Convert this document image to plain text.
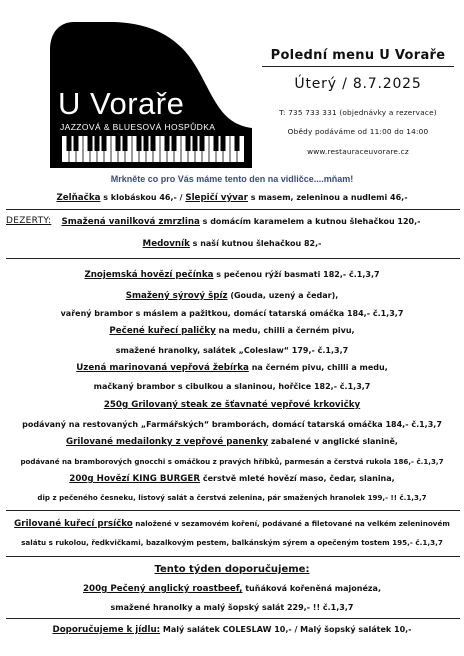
U Voraře
JAZZOVÁ & BLUESOVÁ HOSPŮDKA
Polední menu U Voraře
Úterý / 8.7.2025
T: 735 733 331 (objednávky a rezervace)
Obědy podáváme od 11:00 do 14:00
www.restauraceuvorare.cz
Mrkněte co pro Vás máme tento den na vidličce....mňam!
Zelňačka s klobáskou 46,- / Slepičí vývar s masem, zeleninou a nudlemi 46,-
DEZERTY:	Smažená vanilková zmrzlina s domácím karamelem a kutnou šlehačkou 120,-
Medovník s naší kutnou šlehačkou 82,-
Znojemská hovězí pečínka s pečenou rýží basmati 182,- č.1,3,7
Smažený sýrový špíz (Gouda, uzený a čedar),
vařený brambor s máslem a pažitkou, domácí tatarská omáčka 184,- č.1,3,7
Pečené kuřecí paličky na medu, chilli a černém pivu,
smažené hranolky, salátek „Coleslaw“ 179,- č.1,3,7
Uzená marinovaná vepřová žebírka na černém pivu, chilli a medu,
mačkaný brambor s cibulkou a slaninou, hořčice 182,- č.1,3,7
250g Grilovaný steak ze šťavnaté vepřové krkovičky
podávaný na restovaných „Farmářských“ bramborách, domácí tatarská omáčka 184,- č.1,3,7
Grilované medailonky z vepřové panenky zabalené v anglické slanině,
podávané na bramborových gnocchi s omáčkou z pravých hříbků, parmesán a čerstvá rukola 186,- č.1,3,7
200g Hovězí KING BURGER čerstvě mleté hovězí maso, čedar, slanina,
dip z pečeného česneku, listový salát a čerstvá zelenina, pár smažených hranolek 199,- !! č.1,3,7
Grilované kuřecí prsíčko naložené v sezamovém koření, podávané a filetované na velkém zeleninovém
salátu s rukolou, ředkvičkami, bazalkovým pestem, balkánským sýrem a opečeným tostem 195,- č.1,3,7
Tento týden doporučujeme:
200g Pečený anglický roastbeef, tuňáková kořeněná majonéza,
smažené hranolky a malý šopský salát 229,- !! č.1,3,7
Doporučujeme k jídlu: Malý salátek COLESLAW 10,- / Malý šopský salátek 10,-
